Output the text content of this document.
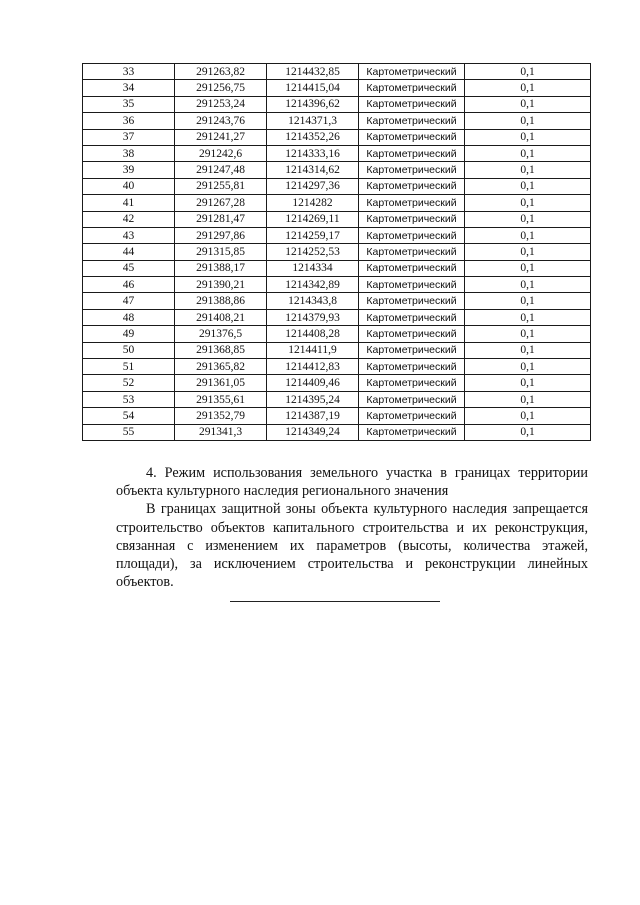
33	291263,82	1214432,85	Картометрический	0,1
34	291256,75	1214415,04	Картометрический	0,1
35	291253,24	1214396,62	Картометрический	0,1
36	291243,76	1214371,3	Картометрический	0,1
37	291241,27	1214352,26	Картометрический	0,1
38	291242,6	1214333,16	Картометрический	0,1
39	291247,48	1214314,62	Картометрический	0,1
40	291255,81	1214297,36	Картометрический	0,1
41	291267,28	1214282	Картометрический	0,1
42	291281,47	1214269,11	Картометрический	0,1
43	291297,86	1214259,17	Картометрический	0,1
44	291315,85	1214252,53	Картометрический	0,1
45	291388,17	1214334	Картометрический	0,1
46	291390,21	1214342,89	Картометрический	0,1
47	291388,86	1214343,8	Картометрический	0,1
48	291408,21	1214379,93	Картометрический	0,1
49	291376,5	1214408,28	Картометрический	0,1
50	291368,85	1214411,9	Картометрический	0,1
51	291365,82	1214412,83	Картометрический	0,1
52	291361,05	1214409,46	Картометрический	0,1
53	291355,61	1214395,24	Картометрический	0,1
54	291352,79	1214387,19	Картометрический	0,1
55	291341,3	1214349,24	Картометрический	0,1

4. Режим использования земельного участка в границах территории объекта культурного наследия регионального значения

В границах защитной зоны объекта культурного наследия запрещается строительство объектов капитального строительства и их реконструкция, связанная с изменением их параметров (высоты, количества этажей, площади), за исключением строительства и реконструкции линейных объектов.
